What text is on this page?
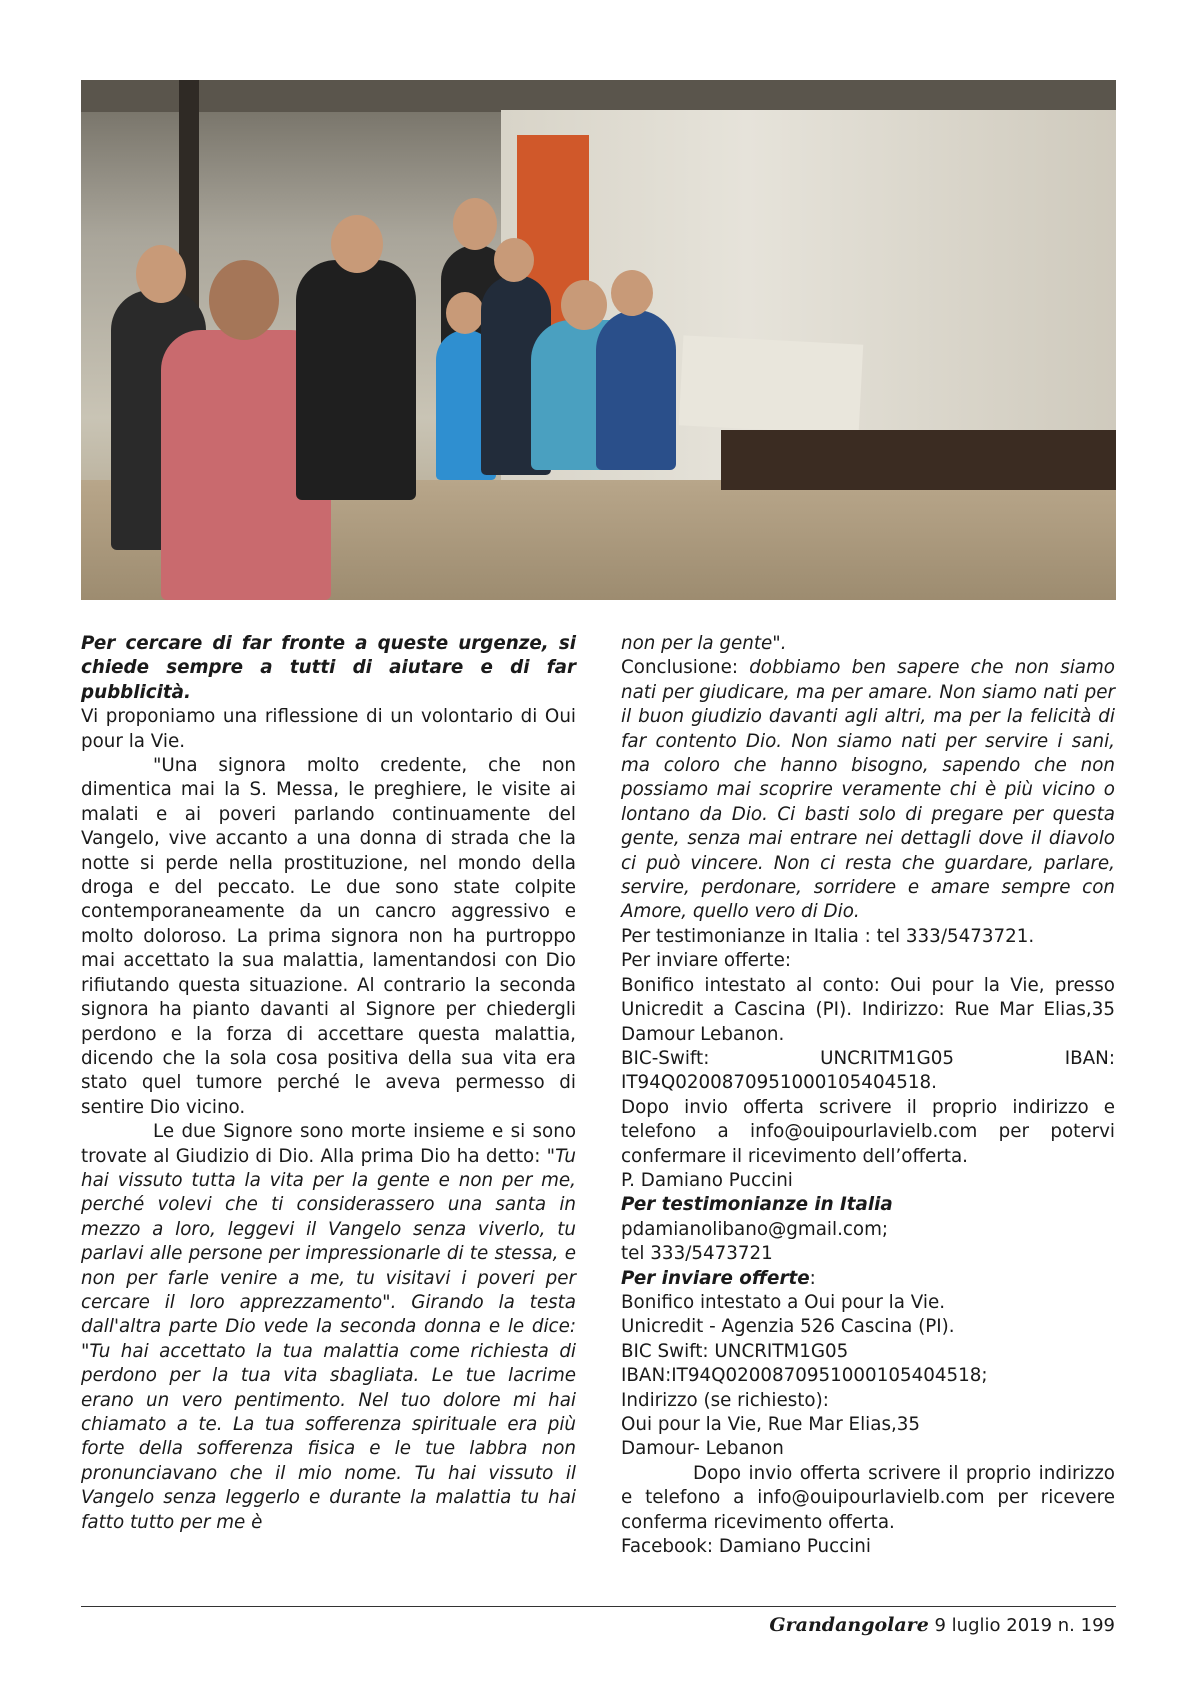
Per cercare di far fronte a queste urgenze, si chiede sempre a tutti di aiutare e di far pubblicità.

Vi proponiamo una riflessione di un volontario di Oui pour la Vie.

"Una signora molto credente, che non dimentica mai la S. Messa, le preghiere, le visite ai malati e ai poveri parlando continuamente del Vangelo, vive accanto a una donna di strada che la notte si perde nella prostituzione, nel mondo della droga e del peccato. Le due sono state colpite contemporaneamente da un cancro aggressivo e molto doloroso. La prima signora non ha purtroppo mai accettato la sua malattia, lamentandosi con Dio rifiutando questa situazione. Al contrario la seconda signora ha pianto davanti al Signore per chiedergli perdono e la forza di accettare questa malattia, dicendo che la sola cosa positiva della sua vita era stato quel tumore perché le aveva permesso di sentire Dio vicino.

Le due Signore sono morte insieme e si sono trovate al Giudizio di Dio. Alla prima Dio ha detto: "Tu hai vissuto tutta la vita per la gente e non per me, perché volevi che ti considerassero una santa in mezzo a loro, leggevi il Vangelo senza viverlo, tu parlavi alle persone per impressionarle di te stessa, e non per farle venire a me, tu visitavi i poveri per cercare il loro apprezzamento". Girando la testa dall'altra parte Dio vede la seconda donna e le dice: "Tu hai accettato la tua malattia come richiesta di perdono per la tua vita sbagliata. Le tue lacrime erano un vero pentimento. Nel tuo dolore mi hai chiamato a te. La tua sofferenza spirituale era più forte della sofferenza fisica e le tue labbra non pronunciavano che il mio nome. Tu hai vissuto il Vangelo senza leggerlo e durante la malattia tu hai fatto tutto per me è

non per la gente".

Conclusione: dobbiamo ben sapere che non siamo nati per giudicare, ma per amare. Non siamo nati per il buon giudizio davanti agli altri, ma per la felicità di far contento Dio. Non siamo nati per servire i sani, ma coloro che hanno bisogno, sapendo che non possiamo mai scoprire veramente chi è più vicino o lontano da Dio. Ci basti solo di pregare per questa gente, senza mai entrare nei dettagli dove il diavolo ci può vincere. Non ci resta che guardare, parlare, servire, perdonare, sorridere e amare sempre con Amore, quello vero di Dio.

Per testimonianze in Italia : tel 333/5473721.

Per inviare offerte:

Bonifico intestato al conto: Oui pour la Vie, presso Unicredit a Cascina (PI). Indirizzo: Rue Mar Elias,35 Damour Lebanon.

BIC-Swift:	UNCRITM1G05	IBAN:

IT94Q0200870951000105404518.

Dopo invio offerta scrivere il proprio indirizzo e telefono a info@ouipourlavielb.com per potervi confermare il ricevimento dell’offerta.

P. Damiano Puccini

Per testimonianze in Italia

pdamianolibano@gmail.com;

tel 333/5473721

Per inviare offerte:

Bonifico intestato a Oui pour la Vie.

Unicredit - Agenzia 526 Cascina (PI).

BIC Swift: UNCRITM1G05

IBAN:IT94Q0200870951000105404518;

Indirizzo (se richiesto):

Oui pour la Vie, Rue Mar Elias,35

Damour- Lebanon

Dopo invio offerta scrivere il proprio indirizzo e telefono a info@ouipourlavielb.com per ricevere conferma ricevimento offerta.

Facebook: Damiano Puccini

Grandangolare 9 luglio 2019 n. 199
